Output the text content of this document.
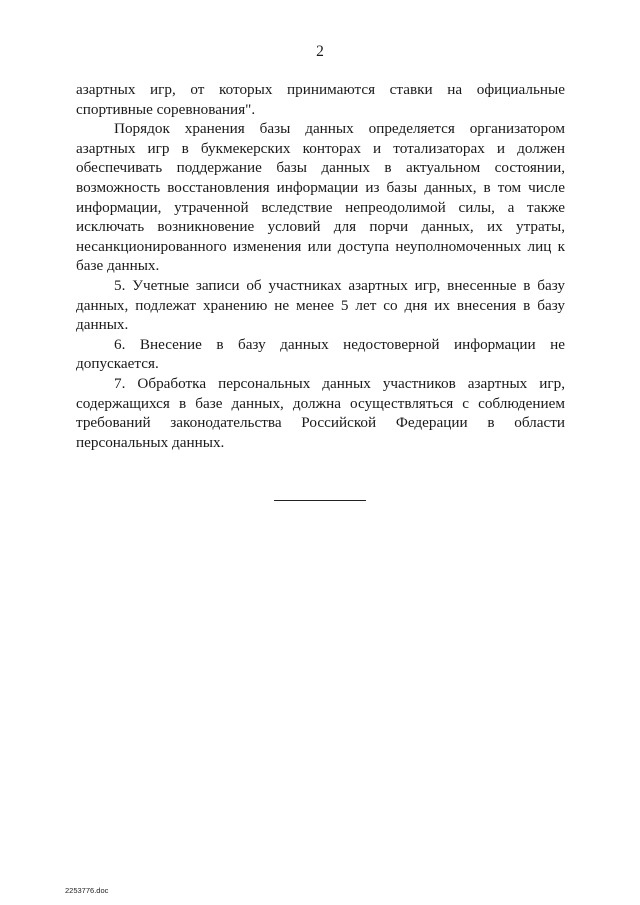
2

азартных игр, от которых принимаются ставки на официальные спортивные соревнования".

Порядок хранения базы данных определяется организатором азартных игр в букмекерских конторах и тотализаторах и должен обеспечивать поддержание базы данных в актуальном состоянии, возможность восстановления информации из базы данных, в том числе информации, утраченной вследствие непреодолимой силы, а также исключать возникновение условий для порчи данных, их утраты, несанкционированного изменения или доступа неуполномоченных лиц к базе данных.

5. Учетные записи об участниках азартных игр, внесенные в базу данных, подлежат хранению не менее 5 лет со дня их внесения в базу данных.

6. Внесение в базу данных недостоверной информации не допускается.

7. Обработка персональных данных участников азартных игр, содержащихся в базе данных, должна осуществляться с соблюдением требований законодательства Российской Федерации в области персональных данных.

2253776.doc
